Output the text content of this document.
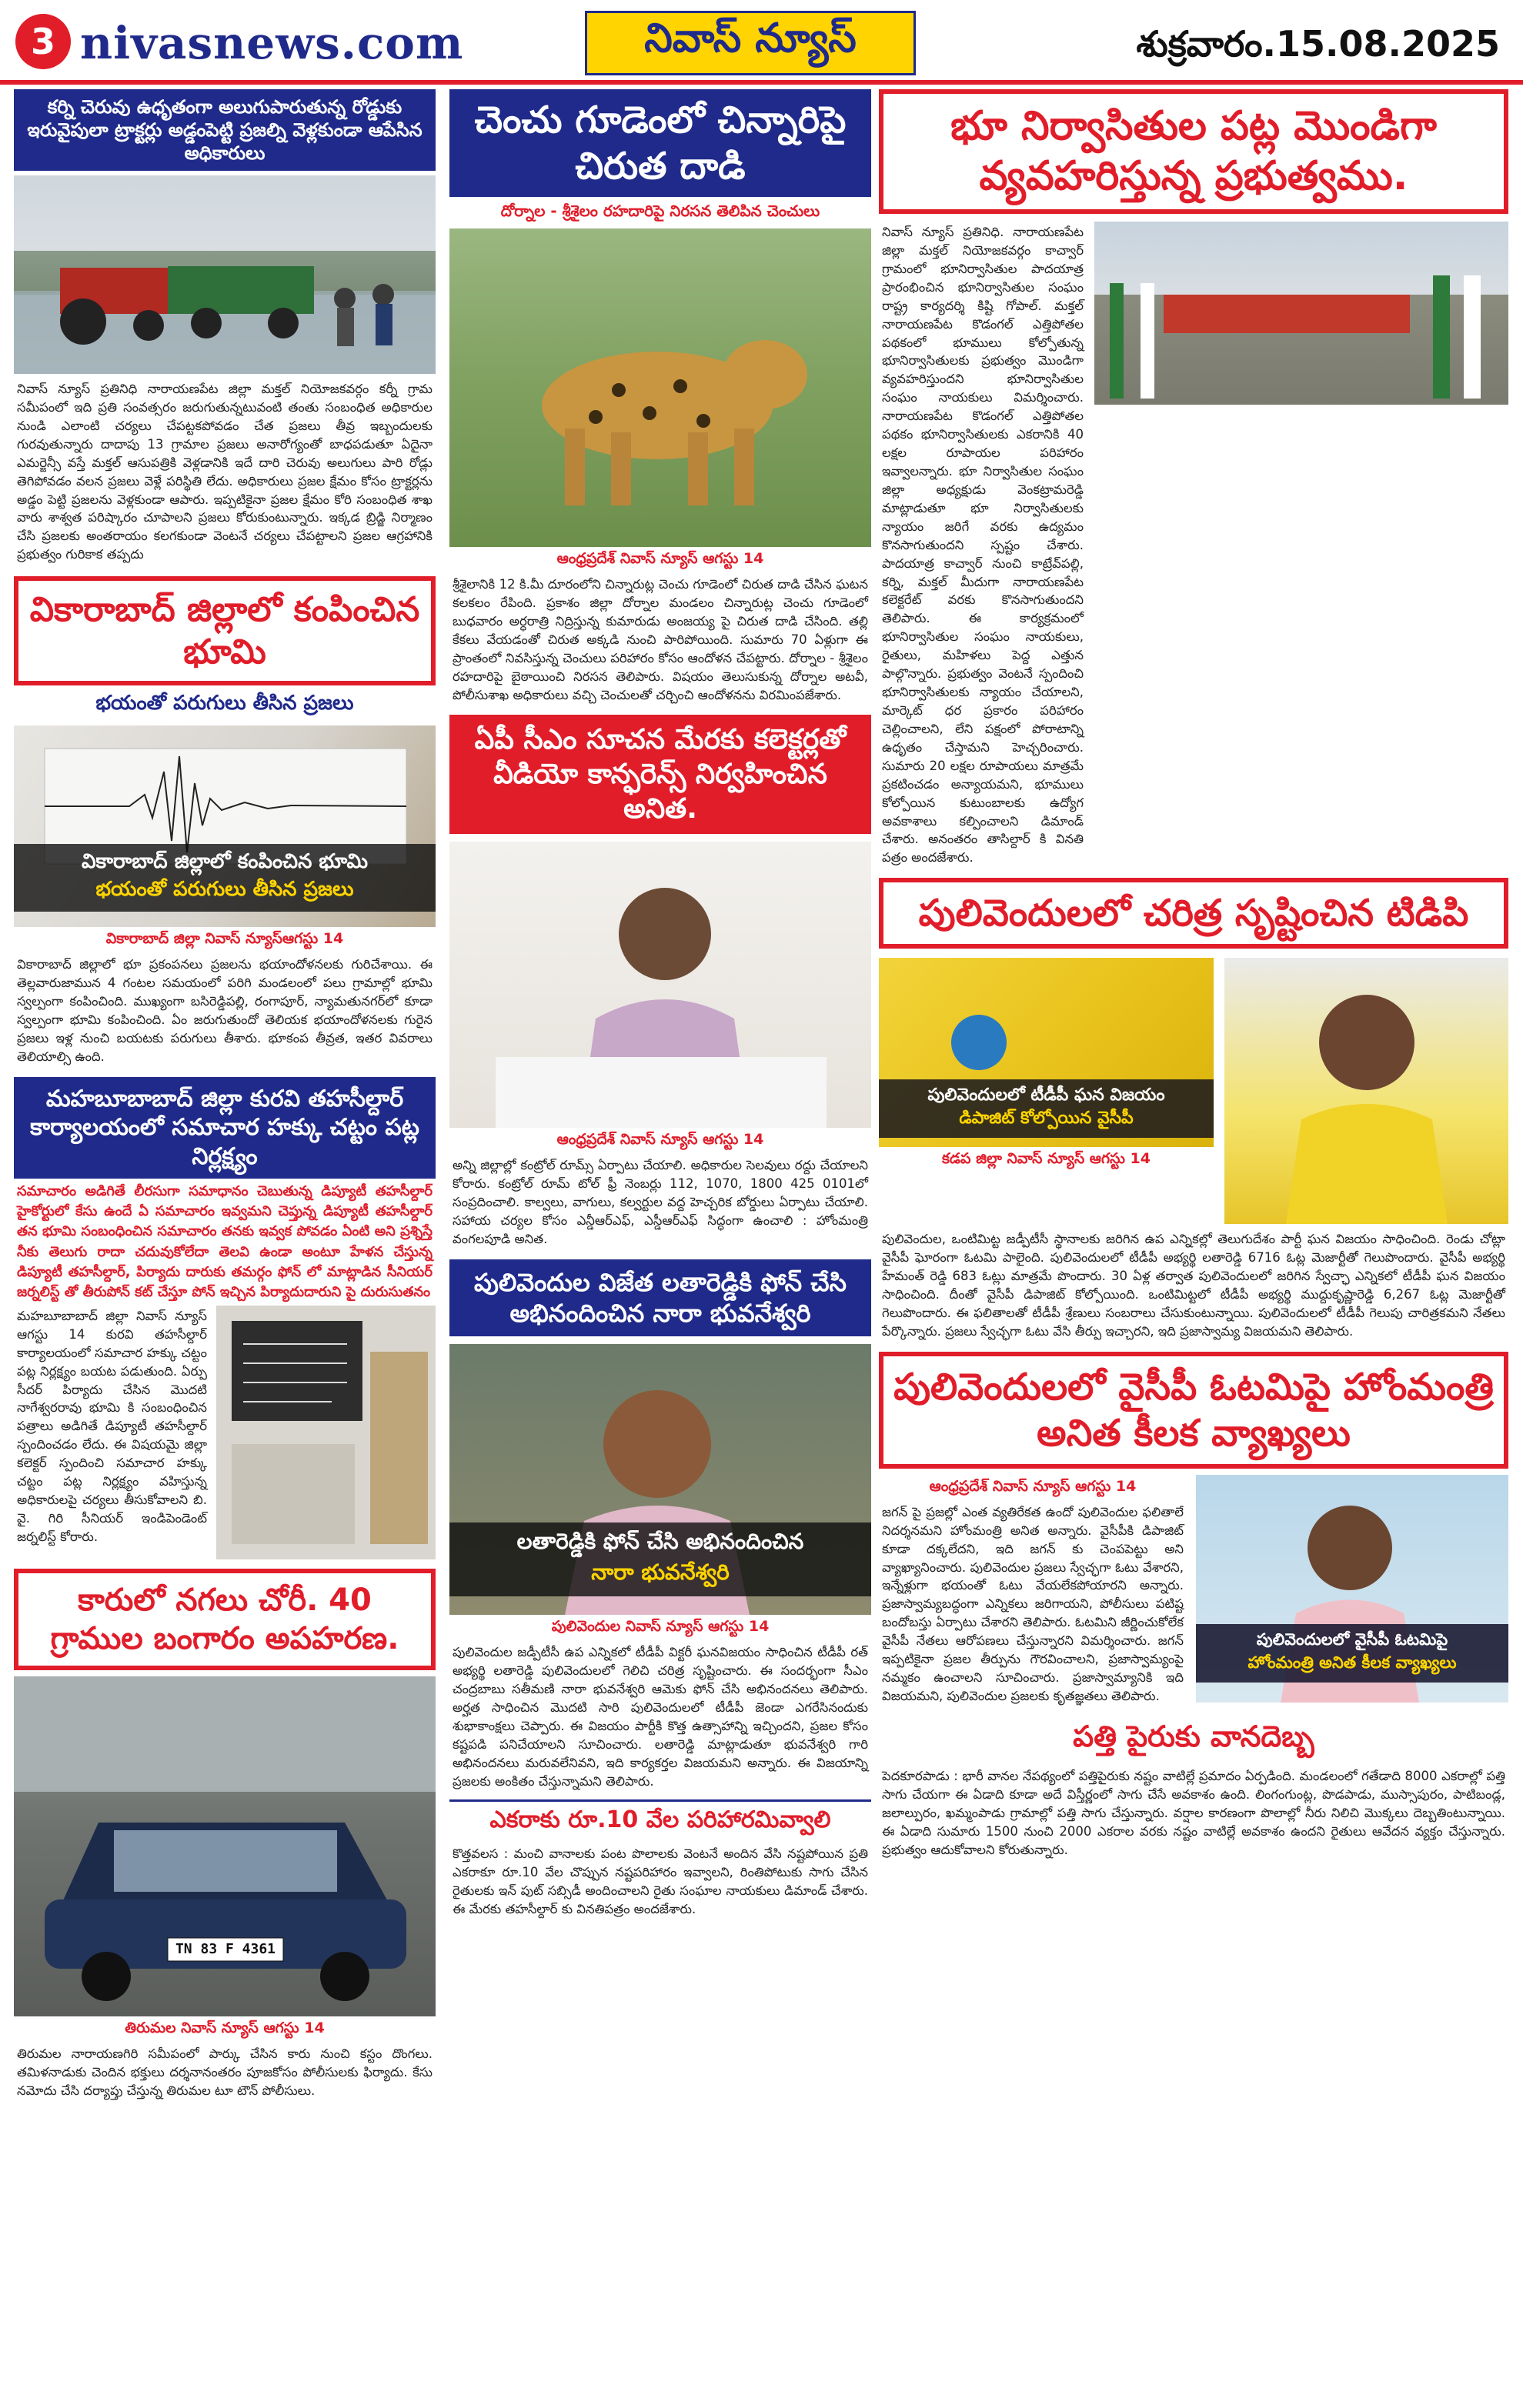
3 nivasnews.com	నివాస్ న్యూస్	శుక్రవారం.15.08.2025
కర్ని చెరువు ఉధృతంగా అలుగుపారుతున్న రోడ్డుకు ఇరువైపులా ట్రాక్టర్లు అడ్డంపెట్టి ప్రజల్ని వెళ్లకుండా ఆపేసిన అధికారులు

నివాస్ న్యూస్ ప్రతినిధి నారాయణపేట జిల్లా మక్తల్ నియోజకవర్గం కర్నీ గ్రామ సమీపంలో ఇది ప్రతి సంవత్సరం జరుగుతున్నటువంటి తంతు సంబంధిత అధికారుల నుండి ఎలాంటి చర్యలు చేపట్టకపోవడం చేత ప్రజలు తీవ్ర ఇబ్బందులకు గురవుతున్నారు దాదాపు 13 గ్రామాల ప్రజలు అనారోగ్యంతో బాధపడుతూ ఏదైనా ఎమర్జెన్సీ వస్తే మక్తల్ ఆసుపత్రికి వెళ్లడానికి ఇదే దారి చెరువు అలుగులు పారి రోడ్లు తెగిపోవడం వలన ప్రజలు వెళ్లే పరిస్థితి లేదు. అధికారులు ప్రజల క్షేమం కోసం ట్రాక్టర్లను అడ్డం పెట్టి ప్రజలను వెళ్లకుండా ఆపారు. ఇప్పటికైనా ప్రజల క్షేమం కోరి సంబంధిత శాఖ వారు శాశ్వత పరిష్కారం చూపాలని ప్రజలు కోరుకుంటున్నారు. ఇక్కడ బ్రిడ్జి నిర్మాణం చేసి ప్రజలకు అంతరాయం కలగకుండా వెంటనే చర్యలు చేపట్టాలని ప్రజల ఆగ్రహానికి ప్రభుత్వం గురికాక తప్పదు

వికారాబాద్ జిల్లాలో కంపించిన భూమి
భయంతో పరుగులు తీసిన ప్రజలు
వికారాబాద్ జిల్లాలో కంపించిన భూమి
భయంతో పరుగులు తీసిన ప్రజలు
వికారాబాద్ జిల్లా నివాస్ న్యూస్ఆగస్టు 14

వికారాబాద్ జిల్లాలో భూ ప్రకంపనలు ప్రజలను భయాందోళనలకు గురిచేశాయి. ఈ తెల్లవారుజామున 4 గంటల సమయంలో పరిగి మండలంలో పలు గ్రామాల్లో భూమి స్వల్పంగా కంపించింది. ముఖ్యంగా బసిరెడ్డిపల్లి, రంగాపూర్, న్యామతునగర్‌లో కూడా స్వల్పంగా భూమి కంపించింది. ఏం జరుగుతుందో తెలియక భయాందోళనలకు గురైన ప్రజలు ఇళ్ల నుంచి బయటకు పరుగులు తీశారు. భూకంప తీవ్రత, ఇతర వివరాలు తెలియాల్సి ఉంది.

మహబూబాబాద్ జిల్లా కురవి తహసీల్దార్ కార్యాలయంలో సమాచార హక్కు చట్టం పట్ల నిర్లక్ష్యం

సమాచారం అడిగితే లీరసుగా సమాధానం చెబుతున్న డిప్యూటీ తహసీల్దార్ హైకోర్టులో కేసు ఉందే ఏ సమాచారం ఇవ్వమని చెప్తున్న డిప్యూటీ తహసీల్దార్ తన భూమి సంబంధించిన సమాచారం తనకు ఇవ్వక పోవడం ఏంటి అని ప్రశ్నిస్తే నీకు తెలుగు రాదా చదువుకోలేదా తెలవి ఉండా అంటూ హేళన చేస్తున్న డిప్యూటీ తహసీల్దార్, పిర్యాదు దారుకు తమర్గం ఫోన్ లో మాట్లాడిన సీనియర్ జర్నలిస్ట్ తో తీరుపోన్ కట్ చేస్తూ పోన్ ఇచ్చిన పిర్యాదుదారుని పై దురుసుతనం

మహబూబాబాద్ జిల్లా నివాస్ న్యూస్ ఆగస్టు 14 కురవి తహసీల్దార్ కార్యాలయంలో సమాచార హక్కు చట్టం పట్ల నిర్లక్ష్యం బయట పడుతుంది. ఏర్పు సీదర్ పిర్యాదు చేసిన మొదటి నాగేశ్వరరావు భూమి కి సంబంధించిన పత్రాలు అడిగితే డిప్యూటీ తహసీల్దార్ స్పందించడం లేదు. ఈ విషయమై జిల్లా కలెక్టర్ స్పందించి సమాచార హక్కు చట్టం పట్ల నిర్లక్ష్యం వహిస్తున్న అధికారులపై చర్యలు తీసుకోవాలని బి. వై. గిరి సీనియర్ ఇండిపెండెంట్ జర్నలిస్ట్ కోరారు.

కారులో నగలు చోరీ. 40 గ్రాముల బంగారం అపహరణ.
TN 83 F 4361
తిరుమల నివాస్ న్యూస్ ఆగస్టు 14

తిరుమల నారాయణగిరి సమీపంలో పార్కు చేసిన కారు నుంచి కస్టం దొంగలు. తమిళనాడుకు చెందిన భక్తులు దర్శనానంతరం పూజకోసం పోలీసులకు ఫిర్యాదు. కేసు నమోదు చేసి దర్యాప్తు చేస్తున్న తిరుమల టూ టౌన్ పోలీసులు.

చెంచు గూడెంలో చిన్నారిపై చిరుత దాడి
దోర్నాల - శ్రీశైలం రహదారిపై నిరసన తెలిపిన చెంచులు
ఆంధ్రప్రదేశ్ నివాస్ న్యూస్ ఆగస్టు 14

శ్రీశైలానికి 12 కి.మీ దూరంలోని చిన్నారుట్ల చెంచు గూడెంలో చిరుత దాడి చేసిన ఘటన కలకలం రేపింది. ప్రకాశం జిల్లా దోర్నాల మండలం చిన్నారుట్ల చెంచు గూడెంలో బుధవారం అర్ధరాత్రి నిద్రిస్తున్న కుమారుడు అంజయ్య పై చిరుత దాడి చేసింది. తల్లి కేకలు వేయడంతో చిరుత అక్కడి నుంచి పారిపోయింది. సుమారు 70 ఏళ్లుగా ఈ ప్రాంతంలో నివసిస్తున్న చెంచులు పరిహారం కోసం ఆందోళన చేపట్టారు. దోర్నాల - శ్రీశైలం రహదారిపై బైఠాయించి నిరసన తెలిపారు. విషయం తెలుసుకున్న దోర్నాల అటవీ, పోలీసుశాఖ అధికారులు వచ్చి చెంచులతో చర్చించి ఆందోళనను విరమింపజేశారు.

ఏపీ సీఎం సూచన మేరకు కలెక్టర్లతో వీడియో కాన్ఫరెన్స్ నిర్వహించిన అనిత.
ఆంధ్రప్రదేశ్ నివాస్ న్యూస్ ఆగస్టు 14

అన్ని జిల్లాల్లో కంట్రోల్ రూమ్స్ ఏర్పాటు చేయాలి. అధికారుల సెలవులు రద్దు చేయాలని కోరారు. కంట్రోల్ రూమ్ టోల్ ఫ్రీ నెంబర్లు 112, 1070, 1800 425 0101లో సంప్రదించాలి. కాల్వలు, వాగులు, కల్వర్టుల వద్ద హెచ్చరిక బోర్డులు ఏర్పాటు చేయాలి. సహాయ చర్యల కోసం ఎన్డీఆర్ఎఫ్, ఎస్డీఆర్ఎఫ్ సిద్ధంగా ఉంచాలి : హోంమంత్రి వంగలపూడి అనిత.

పులివెందుల విజేత లతారెడ్డికి ఫోన్ చేసి అభినందించిన నారా భువనేశ్వరి
లతారెడ్డికి ఫోన్ చేసి అభినందించిన
నారా భువనేశ్వరి
పులివెందుల నివాస్ న్యూస్ ఆగస్టు 14

పులివెందుల జడ్పీటీసీ ఉప ఎన్నికలో టీడీపీ విక్టరీ ఘనవిజయం సాధించిన టీడీపీ రత్ అభ్యర్థి లతారెడ్డి పులివెందులలో గెలిచి చరిత్ర సృష్టించారు. ఈ సందర్భంగా సీఎం చంద్రబాబు సతీమణి నారా భువనేశ్వరి ఆమెకు ఫోన్ చేసి అభినందనలు తెలిపారు. అర్హత సాధించిన మొదటి సారి పులివెందులలో టీడీపీ జెండా ఎగరేసినందుకు శుభాకాంక్షలు చెప్పారు. ఈ విజయం పార్టీకి కొత్త ఉత్సాహాన్ని ఇచ్చిందని, ప్రజల కోసం కష్టపడి పనిచేయాలని సూచించారు. లతారెడ్డి మాట్లాడుతూ భువనేశ్వరి గారి అభినందనలు మరువలేనివని, ఇది కార్యకర్తల విజయమని అన్నారు. ఈ విజయాన్ని ప్రజలకు అంకితం చేస్తున్నామని తెలిపారు.

ఎకరాకు రూ.10 వేల పరిహారమివ్వాలి

కొత్తవలస : మంచి వానాలకు పంట పొలాలకు వెంటనే అందిన వేసి నష్టపోయిన ప్రతి ఎకరాకూ రూ.10 వేల చొప్పున నష్టపరిహారం ఇవ్వాలని, రింతిపోటుకు సాగు చేసిన రైతులకు ఇన్ పుట్ సబ్సిడీ అందించాలని రైతు సంఘాల నాయకులు డిమాండ్ చేశారు. ఈ మేరకు తహసీల్దార్ కు వినతిపత్రం అందజేశారు.

భూ నిర్వాసితుల పట్ల మొండిగా వ్యవహరిస్తున్న ప్రభుత్వము.

నివాస్ న్యూస్ ప్రతినిధి. నారాయణపేట జిల్లా మక్తల్ నియోజకవర్గం కాచ్వార్ గ్రామంలో భూనిర్వాసితుల పాదయాత్ర ప్రారంభించిన భూనిర్వాసితుల సంఘం రాష్ట్ర కార్యదర్శి కిష్టి గోపాల్. మక్తల్ నారాయణపేట కొడంగల్ ఎత్తిపోతల పథకంలో భూములు కోల్పోతున్న భూనిర్వాసితులకు ప్రభుత్వం మొండిగా వ్యవహరిస్తుందని భూనిర్వాసితుల సంఘం నాయకులు విమర్శించారు. నారాయణపేట కొడంగల్ ఎత్తిపోతల పథకం భూనిర్వాసితులకు ఎకరానికి 40 లక్షల రూపాయల పరిహారం ఇవ్వాలన్నారు. భూ నిర్వాసితుల సంఘం జిల్లా అధ్యక్షుడు వెంకట్రామరెడ్డి మాట్లాడుతూ భూ నిర్వాసితులకు న్యాయం జరిగే వరకు ఉద్యమం కొనసాగుతుందని స్పష్టం చేశారు. పాదయాత్ర కాచ్వార్ నుంచి కాట్రేవ్‌పల్లి, కర్ని, మక్తల్ మీదుగా నారాయణపేట కలెక్టరేట్ వరకు కొనసాగుతుందని తెలిపారు. ఈ కార్యక్రమంలో భూనిర్వాసితుల సంఘం నాయకులు, రైతులు, మహిళలు పెద్ద ఎత్తున పాల్గొన్నారు. ప్రభుత్వం వెంటనే స్పందించి భూనిర్వాసితులకు న్యాయం చేయాలని, మార్కెట్ ధర ప్రకారం పరిహారం చెల్లించాలని, లేని పక్షంలో పోరాటాన్ని ఉధృతం చేస్తామని హెచ్చరించారు. సుమారు 20 లక్షల రూపాయలు మాత్రమే ప్రకటించడం అన్యాయమని, భూములు కోల్పోయిన కుటుంబాలకు ఉద్యోగ అవకాశాలు కల్పించాలని డిమాండ్ చేశారు. అనంతరం తాసిల్దార్ కి వినతి పత్రం అందజేశారు.

పులివెందులలో చరిత్ర సృష్టించిన టిడిపి
పులివెందులలో టీడీపీ ఘన విజయం
డిపాజిట్ కోల్పోయిన వైసీపీ
కడప జిల్లా నివాస్ న్యూస్ ఆగస్టు 14

పులివెందుల, ఒంటిమిట్ట జడ్పీటీసీ స్థానాలకు జరిగిన ఉప ఎన్నికల్లో తెలుగుదేశం పార్టీ ఘన విజయం సాధించింది. రెండు చోట్లా వైసీపీ ఘోరంగా ఓటమి పాలైంది. పులివెందులలో టీడీపీ అభ్యర్థి లతారెడ్డి 6716 ఓట్ల మెజార్టీతో గెలుపొందారు. వైసీపీ అభ్యర్థి హేమంత్ రెడ్డి 683 ఓట్లు మాత్రమే పొందారు. 30 ఏళ్ల తర్వాత పులివెందులలో జరిగిన స్వేచ్ఛా ఎన్నికలో టీడీపీ ఘన విజయం సాధించింది. దీంతో వైసీపీ డిపాజిట్ కోల్పోయింది. ఒంటిమిట్టలో టీడీపీ అభ్యర్థి ముద్దుకృష్ణారెడ్డి 6,267 ఓట్ల మెజార్టీతో గెలుపొందారు. ఈ ఫలితాలతో టీడీపీ శ్రేణులు సంబరాలు చేసుకుంటున్నాయి. పులివెందులలో టీడీపీ గెలుపు చారిత్రకమని నేతలు పేర్కొన్నారు. ప్రజలు స్వేచ్ఛగా ఓటు వేసి తీర్పు ఇచ్చారని, ఇది ప్రజాస్వామ్య విజయమని తెలిపారు.

పులివెందులలో వైసీపీ ఓటమిపై హోంమంత్రి అనిత కీలక వ్యాఖ్యలు
ఆంధ్రప్రదేశ్ నివాస్ న్యూస్ ఆగస్టు 14

జగన్ పై ప్రజల్లో ఎంత వ్యతిరేకత ఉందో పులివెందుల ఫలితాలే నిదర్శనమని హోంమంత్రి అనిత అన్నారు. వైసీపీకి డిపాజిట్ కూడా దక్కలేదని, ఇది జగన్ కు చెంపపెట్టు అని వ్యాఖ్యానించారు. పులివెందుల ప్రజలు స్వేచ్ఛగా ఓటు వేశారని, ఇన్నేళ్లుగా భయంతో ఓటు వేయలేకపోయారని అన్నారు. ప్రజాస్వామ్యబద్ధంగా ఎన్నికలు జరిగాయని, పోలీసులు పటిష్ట బందోబస్తు ఏర్పాటు చేశారని తెలిపారు. ఓటమిని జీర్ణించుకోలేక వైసీపీ నేతలు ఆరోపణలు చేస్తున్నారని విమర్శించారు. జగన్ ఇప్పటికైనా ప్రజల తీర్పును గౌరవించాలని, ప్రజాస్వామ్యంపై నమ్మకం ఉంచాలని సూచించారు. ప్రజాస్వామ్యానికి ఇది విజయమని, పులివెందుల ప్రజలకు కృతజ్ఞతలు తెలిపారు.

పులివెందులలో వైసీపీ ఓటమిపై
హోంమంత్రి అనిత కీలక వ్యాఖ్యలు
పత్తి పైరుకు వానదెబ్బ

పెదకూరపాడు : భారీ వానల నేపథ్యంలో పత్తిపైరుకు నష్టం వాటిల్లే ప్రమాదం ఏర్పడింది. మండలంలో గతేడాది 8000 ఎకరాల్లో పత్తి సాగు చేయగా ఈ ఏడాది కూడా అదే విస్తీర్ణంలో సాగు చేసే అవకాశం ఉంది. లింగంగుంట్ల, పొడపాడు, ముస్సాపురం, పాటిబండ్ల, జలాల్పురం, ఖమ్మంపాడు గ్రామాల్లో పత్తి సాగు చేస్తున్నారు. వర్షాల కారణంగా పొలాల్లో నీరు నిలిచి మొక్కలు దెబ్బతింటున్నాయి. ఈ ఏడాది సుమారు 1500 నుంచి 2000 ఎకరాల వరకు నష్టం వాటిల్లే అవకాశం ఉందని రైతులు ఆవేదన వ్యక్తం చేస్తున్నారు. ప్రభుత్వం ఆదుకోవాలని కోరుతున్నారు.
